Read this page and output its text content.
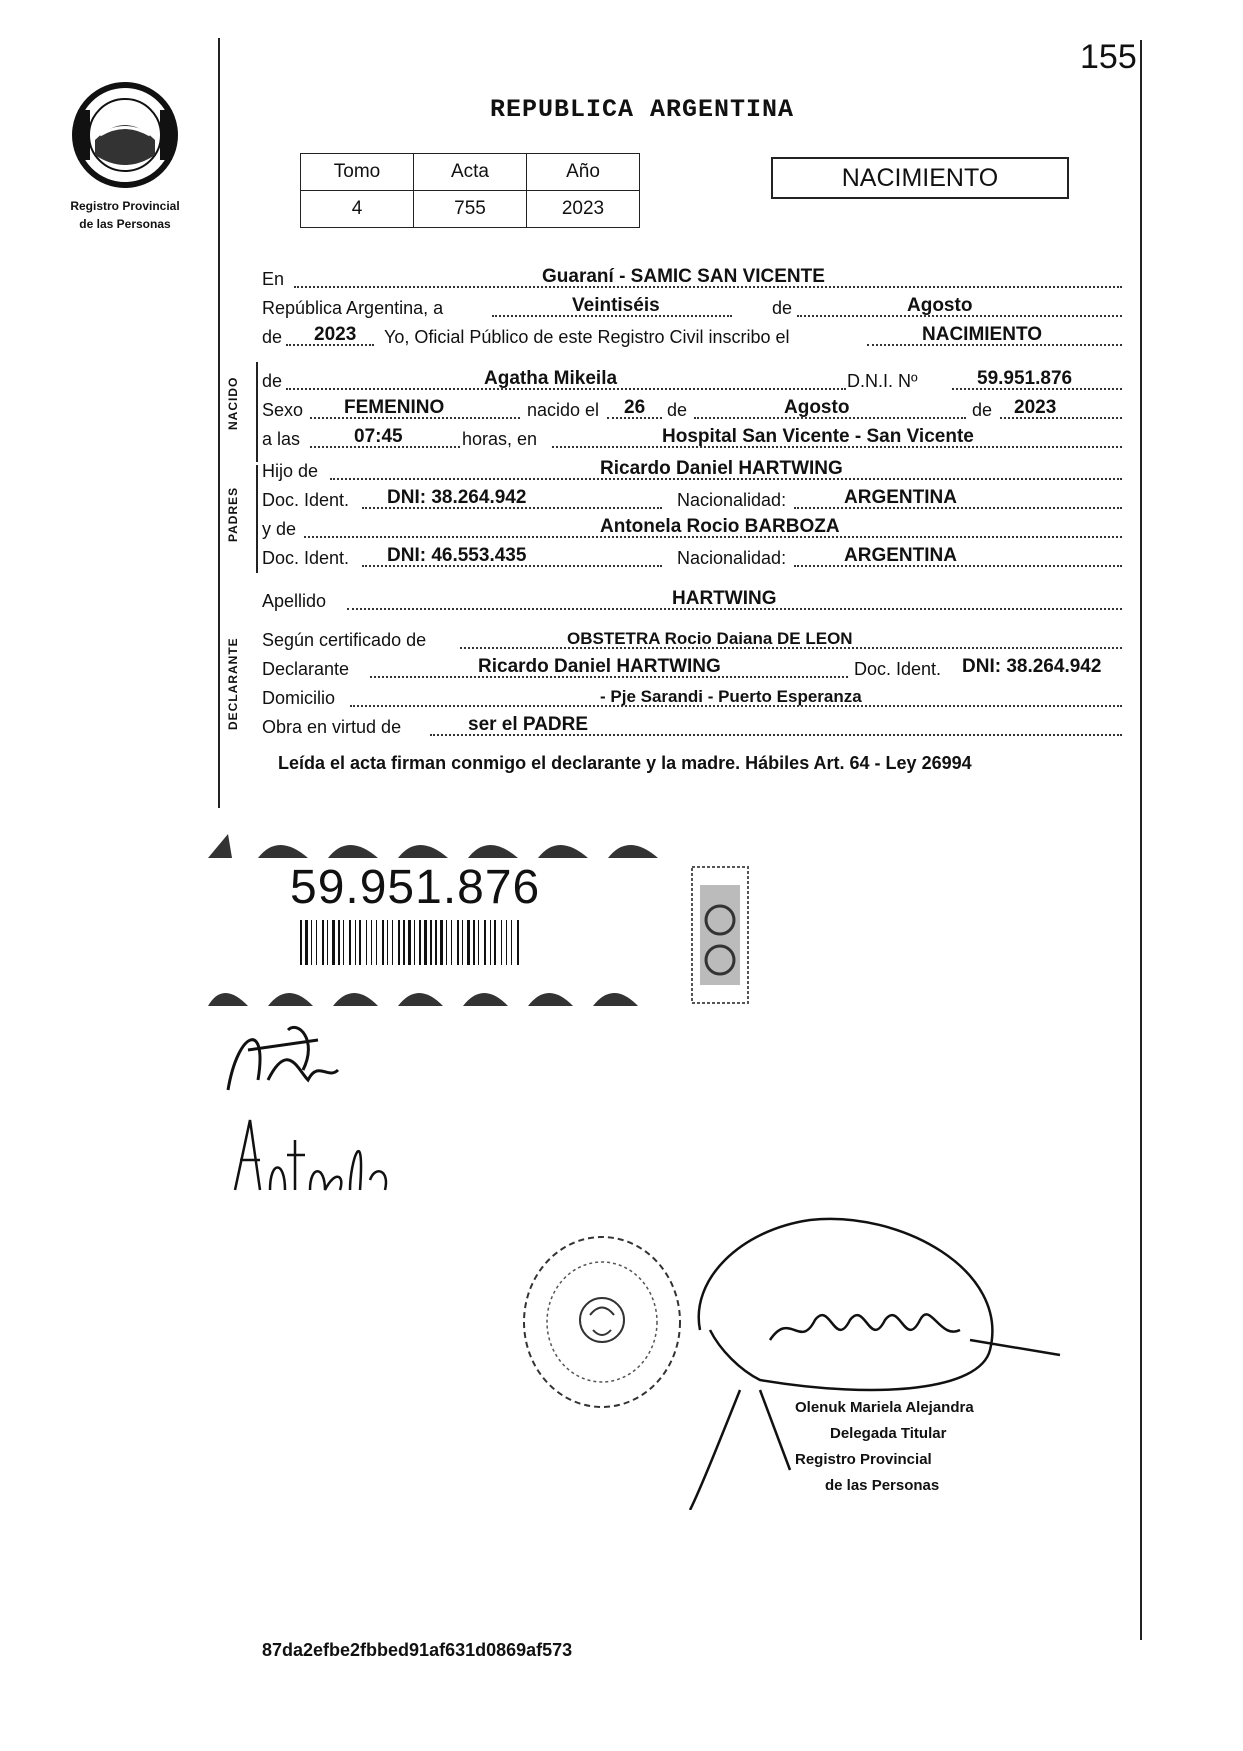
155
Registro Provincial
de las Personas
REPUBLICA ARGENTINA
Tomo	Acta	Año
4	755	2023
NACIMIENTO
En	Guaraní - SAMIC SAN VICENTE
República Argentina, a	Veintiséis	de	Agosto
de 2023 Yo, Oficial Público de este Registro Civil inscribo el	NACIMIENTO
NACIDO de	Agatha Mikeila	D.N.I. Nº	59.951.876
Sexo FEMENINO	nacido el 26 de	Agosto	de 2023
a las	07:45	horas, en	Hospital San Vicente - San Vicente
PADRES
Hijo de	Ricardo Daniel HARTWING
Doc. Ident. DNI: 38.264.942	Nacionalidad:	ARGENTINA
y de	Antonela Rocio BARBOZA
Doc. Ident. DNI: 46.553.435	Nacionalidad:	ARGENTINA
Apellido	HARTWING
DECLARANTE Según certificado de	OBSTETRA Rocio Daiana DE LEON
Declarante	Ricardo Daniel HARTWING	Doc. Ident. DNI: 38.264.942
Domicilio	- Pje Sarandi - Puerto Esperanza
Obra en virtud de	ser el PADRE
Leída el acta firman conmigo el declarante y la madre. Hábiles Art. 64 - Ley 26994
59.951.876
Olenuk Mariela Alejandra
Delegada Titular
Registro Provincial
de las Personas
87da2efbe2fbbed91af631d0869af573
